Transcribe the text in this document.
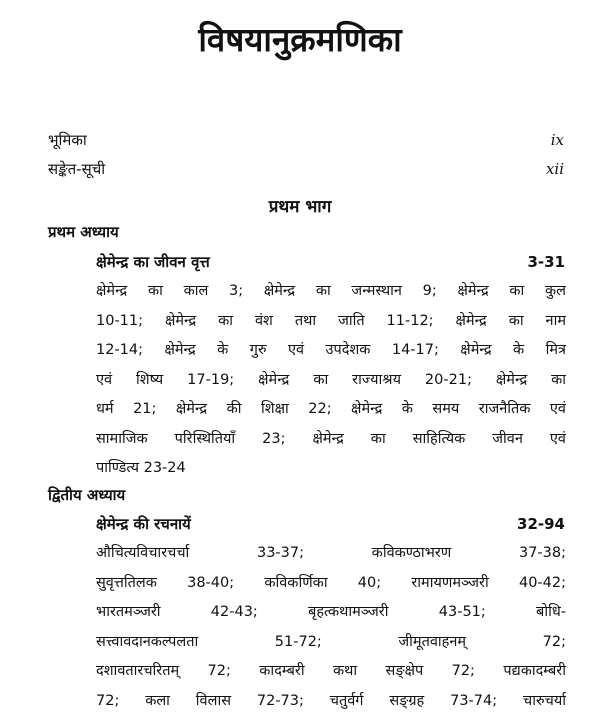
विषयानुक्रमणिका
भूमिका	ix
सङ्केत-सूची	xii
प्रथम भाग
प्रथम अध्याय
क्षेमेन्द्र का जीवन वृत्त	3-31
क्षेमेन्द्र का काल 3; क्षेमेन्द्र का जन्मस्थान 9; क्षेमेन्द्र का कुल
10-11; क्षेमेन्द्र का वंश तथा जाति 11-12; क्षेमेन्द्र का नाम
12-14; क्षेमेन्द्र के गुरु एवं उपदेशक 14-17; क्षेमेन्द्र के मित्र
एवं शिष्य 17-19; क्षेमेन्द्र का राज्याश्रय 20-21; क्षेमेन्द्र का
धर्म 21; क्षेमेन्द्र की शिक्षा 22; क्षेमेन्द्र के समय राजनैतिक एवं
सामाजिक परिस्थितियाँ 23; क्षेमेन्द्र का साहित्यिक जीवन एवं
पाण्डित्य 23-24
द्वितीय अध्याय
क्षेमेन्द्र की रचनायें	32-94
औचित्यविचारचर्चा 33-37; कविकण्ठाभरण 37-38;
सुवृत्ततिलक 38-40; कविकर्णिका 40; रामायणमञ्जरी 40-42;
भारतमञ्जरी 42-43; बृहत्कथामञ्जरी 43-51; बोधि-
सत्त्वावदानकल्पलता 51-72; जीमूतवाहनम् 72;
दशावतारचरितम् 72; कादम्बरी कथा सङ्क्षेप 72; पद्यकादम्बरी
72; कला विलास 72-73; चतुर्वर्ग सङ्ग्रह 73-74; चारुचर्या
